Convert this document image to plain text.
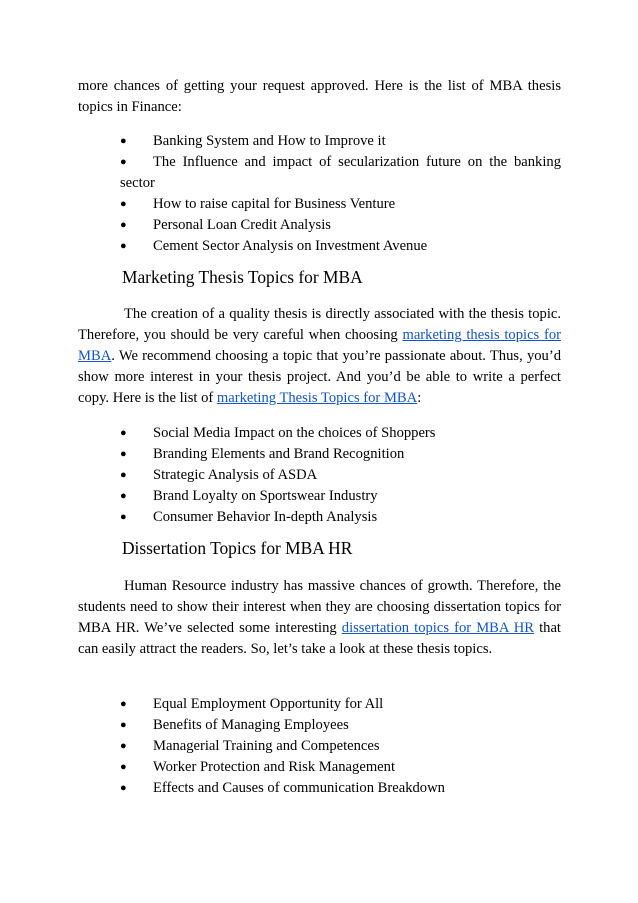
more chances of getting your request approved. Here is the list of MBA thesis topics in Finance:

● Banking System and How to Improve it
● The Influence and impact of secularization future on the banking
sector
● How to raise capital for Business Venture
● Personal Loan Credit Analysis
● Cement Sector Analysis on Investment Avenue
Marketing Thesis Topics for MBA

The creation of a quality thesis is directly associated with the thesis topic. Therefore, you should be very careful when choosing marketing thesis topics for MBA. We recommend choosing a topic that you’re passionate about. Thus, you’d show more interest in your thesis project. And you’d be able to write a perfect copy. Here is the list of marketing Thesis Topics for MBA:

● Social Media Impact on the choices of Shoppers
● Branding Elements and Brand Recognition
● Strategic Analysis of ASDA
● Brand Loyalty on Sportswear Industry
● Consumer Behavior In-depth Analysis
Dissertation Topics for MBA HR

Human Resource industry has massive chances of growth. Therefore, the students need to show their interest when they are choosing dissertation topics for MBA HR. We’ve selected some interesting dissertation topics for MBA HR that can easily attract the readers. So, let’s take a look at these thesis topics.

● Equal Employment Opportunity for All
● Benefits of Managing Employees
● Managerial Training and Competences
● Worker Protection and Risk Management
● Effects and Causes of communication Breakdown
